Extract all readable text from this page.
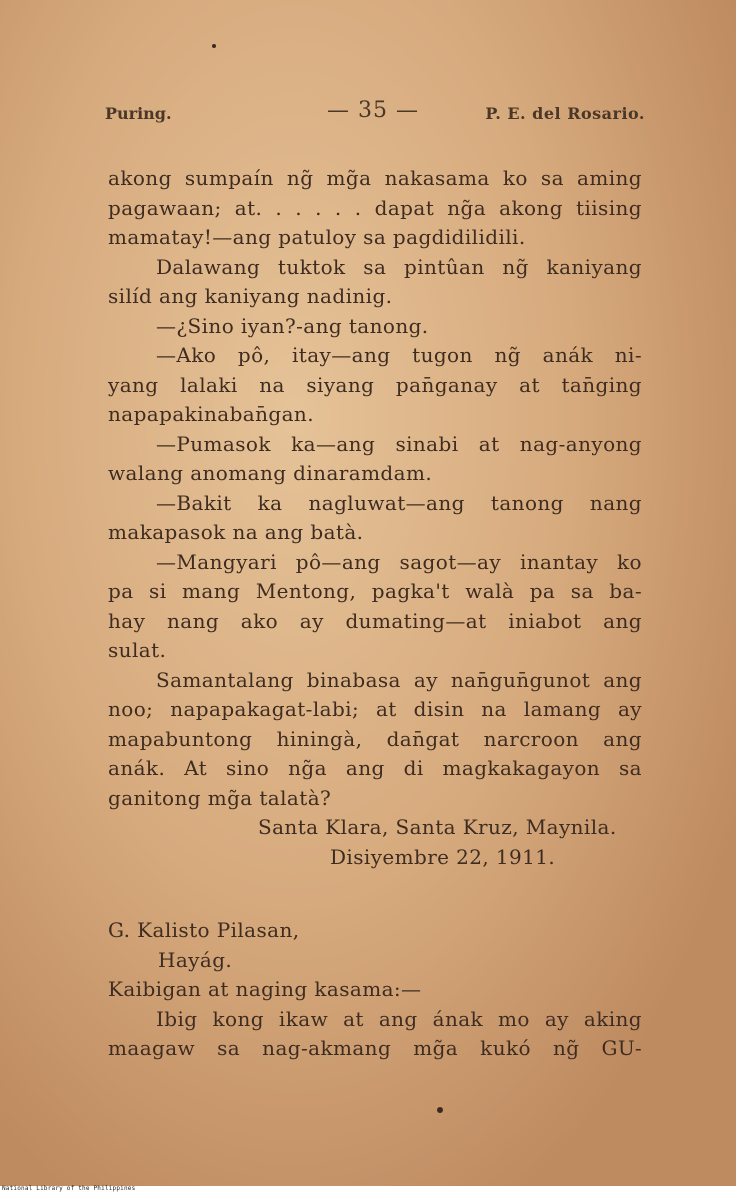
Puring.	— 35 —	P. E. del Rosario.
akong sumpaín ng̃ mg̃a nakasama ko sa aming
pagawaan; at. . . . . . dapat ng̃a akong tiising
mamatay!—ang patuloy sa pagdidilidili.
Dalawang tuktok sa pintûan ng̃ kaniyang
silíd ang kaniyang nadinig.
—¿Sino iyan?-ang tanong.
—Ako pô, itay—ang tugon ng̃ anák ni-
yang lalaki na siyang pan̄ganay at tan̄ging
napapakinaban̄gan.
—Pumasok ka—ang sinabi at nag-anyong
walang anomang dinaramdam.
—Bakit ka nagluwat—ang tanong nang
makapasok na ang batà.
—Mangyari pô—ang sagot—ay inantay ko
pa si mang Mentong, pagka't walà pa sa ba-
hay nang ako ay dumating—at iniabot ang
sulat.
Samantalang binabasa ay nan̄gun̄gunot ang
noo; napapakagat-labi; at disin na lamang ay
mapabuntong hiningà, dan̄gat narcroon ang
anák. At sino ng̃a ang di magkakagayon sa
ganitong mg̃a talatà?
Santa Klara, Santa Kruz, Maynila.
Disiyembre 22, 1911.
G. Kalisto Pilasan,
Hayág.
Kaibigan at naging kasama:—
Ibig kong ikaw at ang ának mo ay aking
maagaw sa nag-akmang mg̃a kukó ng̃ GU-
National Library of the Philippines
